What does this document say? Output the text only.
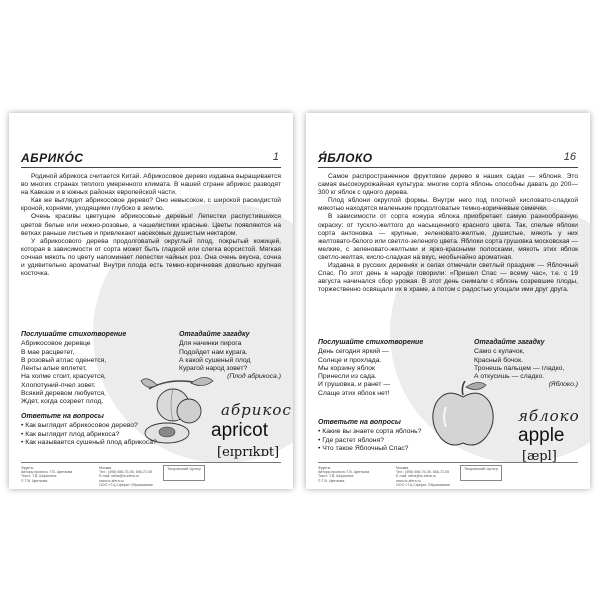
АБРИКО́С	1

Родиной абрикоса считается Китай. Абрикосовое дерево издавна выращивается во многих странах теплого умеренного климата. В нашей стране абрикос разводят на Кавказе и в южных районах европейской части.

Как же выглядит абрикосовое дерево? Оно невысокое, с широкой раскидистой кроной, корнями, уходящими глубоко в землю.

Очень красивы цветущие абрикосовые деревья! Лепестки распустившихся цветов белые или нежно-розовые, а чашелистики красные. Цветы появляются на ветках раньше листьев и привлекают насекомых душистым нектаром.

У абрикосового дерева продолговатый округлый плод, покрытый кожицей, которая в зависимости от сорта может быть гладкой или слегка ворсистой. Мягкая сочная мякоть по цвету напоминает лепестки чайных роз. Она очень вкусна, сочна и удивительно ароматна! Внутри плода есть темно-коричневая довольно крупная косточка.

Послушайте стихотворение
Абрикосовое деревце
В мае расцветет,
В розовый атлас оденется,
Ленты алые вплетет,
На холме стоит, красуется,
Хлопотуний-пчел зовет.
Всякий деревом любуется,
Ждет, когда созреет плод.
Отгадайте загадку
Для начинки пирога
Подойдет нам курага.
А какой сушеный плод
Курагой народ зовет?
(Плод абрикоса.)
Ответьте на вопросы
• Как выглядит абрикосовое дерево?
• Как выглядит плод абрикоса?
• Как называется сушеный плод абрикоса?
абрикос
apricot
[eɪprɪkɒt]
Фрукты
Авторы проекта: Т.В. Цветкова
Текст: Т.В. Шорыгина
© Т.В. Цветкова
Москва
Тел.: (495) 656-75-05, 656-72-05
E-mail: sfera@tc-sfera.ru
www.tc-sfera.ru
ООО «ТЦ Сфера» Образование
Творческий Центр
Я́БЛОКО	16

Самое распространенное фруктовое дерево в наших садах — яблоня. Это самая высокоурожайная культура: многие сорта яблонь способны давать до 200—300 кг яблок с одного дерева.

Плод яблони округлой формы. Внутри него под плотной кисловато-сладкой мякотью находятся маленькие продолговатые темно-коричневые семечки.

В зависимости от сорта кожура яблока приобретает самую разнообразную окраску: от тускло-желтого до насыщенного красного цвета. Так, спелые яблоки сорта антоновка — крупные, зеленовато-желтые, душистые, мякоть у них желтовато-белого или светло-зеленого цвета. Яблоки сорта грушовка московская — мелкие, с зеленовато-желтыми и ярко-красными полосками, мякоть этих яблок светло-желтая, кисло-сладкая на вкус, необычайно ароматная.

Издавна в русских деревнях и селах отмечали светлый праздник — Яблочный Спас. По этот день в народе говорили: «Пришел Спас — всему час», т.е. с 19 августа начинался сбор урожая. В этот день снимали с яблонь созревшие плоды, торжественно освящали их в храме, а потом с радостью угощали ими друг друга.

Послушайте стихотворение
День сегодня яркий —
Солнце и прохлада.
Мы корзину яблок
Принесли из сада.
И грушовка, и ранет —
Слаще этих яблок нет!
Отгадайте загадку
Само с кулачок,
Красный бочок.
Тронешь пальцем — гладко,
А откусишь — сладко.
(Яблоко.)
Ответьте на вопросы
• Какие вы знаете сорта яблонь?
• Где растет яблоня?
• Что такое Яблочный Спас?
яблоко
apple
[æpl]
Фрукты
Авторы проекта: Т.В. Цветкова
Текст: Т.В. Шорыгина
© Т.В. Цветкова
Москва
Тел.: (495) 656-75-05, 656-72-05
E-mail: sfera@tc-sfera.ru
www.tc-sfera.ru
ООО «ТЦ Сфера» Образование
Творческий Центр
